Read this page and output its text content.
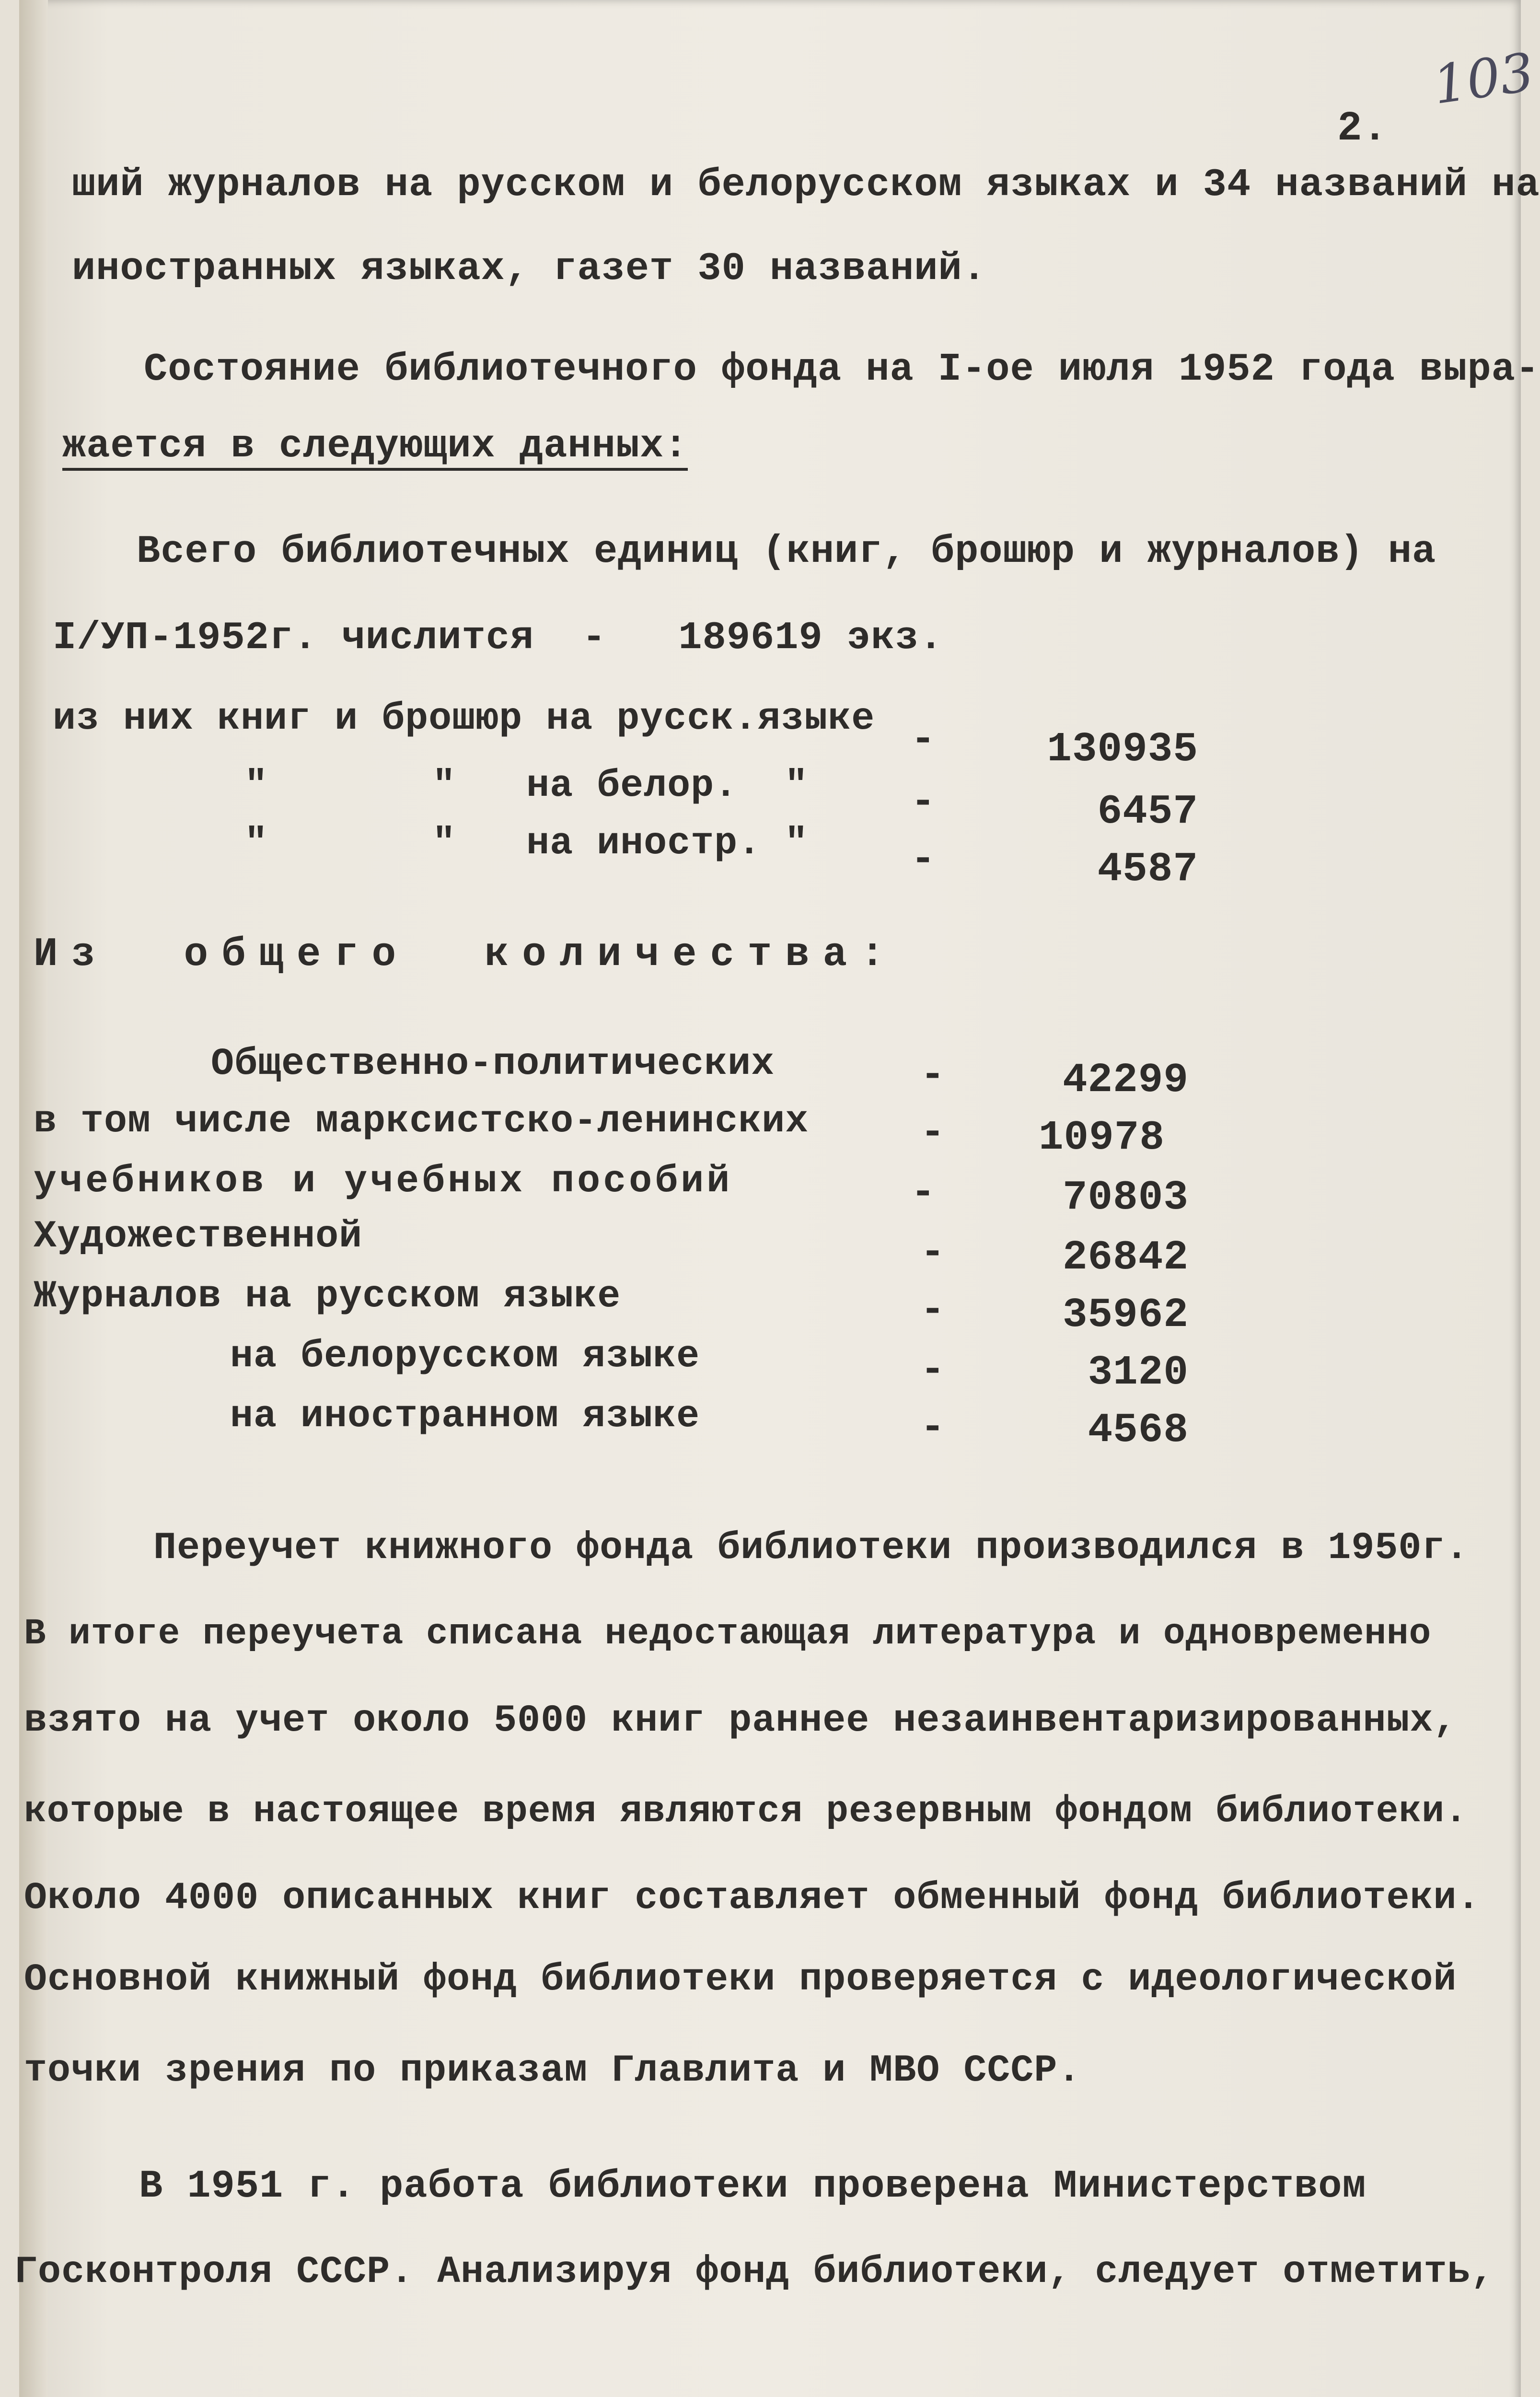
103
2.
ший журналов на русском и белорусском языках и 34 названий на
иностранных языках, газет 30 названий.
Состояние библиотечного фонда на I-ое июля 1952 года выра-
жается в следующих данных:
Всего библиотечных единиц (книг, брошюр и журналов) на
I/УП-1952г. числится  -   189619 экз.
из них книг и брошюр на русск.языке -	130935
"       "   на белор.  " -	6457
"       "   на иностр. " -	4587
Из  общего  количества:
Общественно-политических	-	42299
в том числе марксистско-ленинских	-	10978
учебников и учебных пособий	-	70803
Художественной	-	26842
Журналов на русском языке	-	35962
на белорусском языке	-	3120
на иностранном языке	-	4568
Переучет книжного фонда библиотеки производился в 1950г.
В итоге переучета списана недостающая литература и одновременно
взято на учет около 5000 книг раннее незаинвентаризированных,
которые в настоящее время являются резервным фондом библиотеки.
Около 4000 описанных книг составляет обменный фонд библиотеки.
Основной книжный фонд библиотеки проверяется с идеологической
точки зрения по приказам Главлита и МВО СССР.
В 1951 г. работа библиотеки проверена Министерством
Госконтроля СССР. Анализируя фонд библиотеки, следует отметить,
